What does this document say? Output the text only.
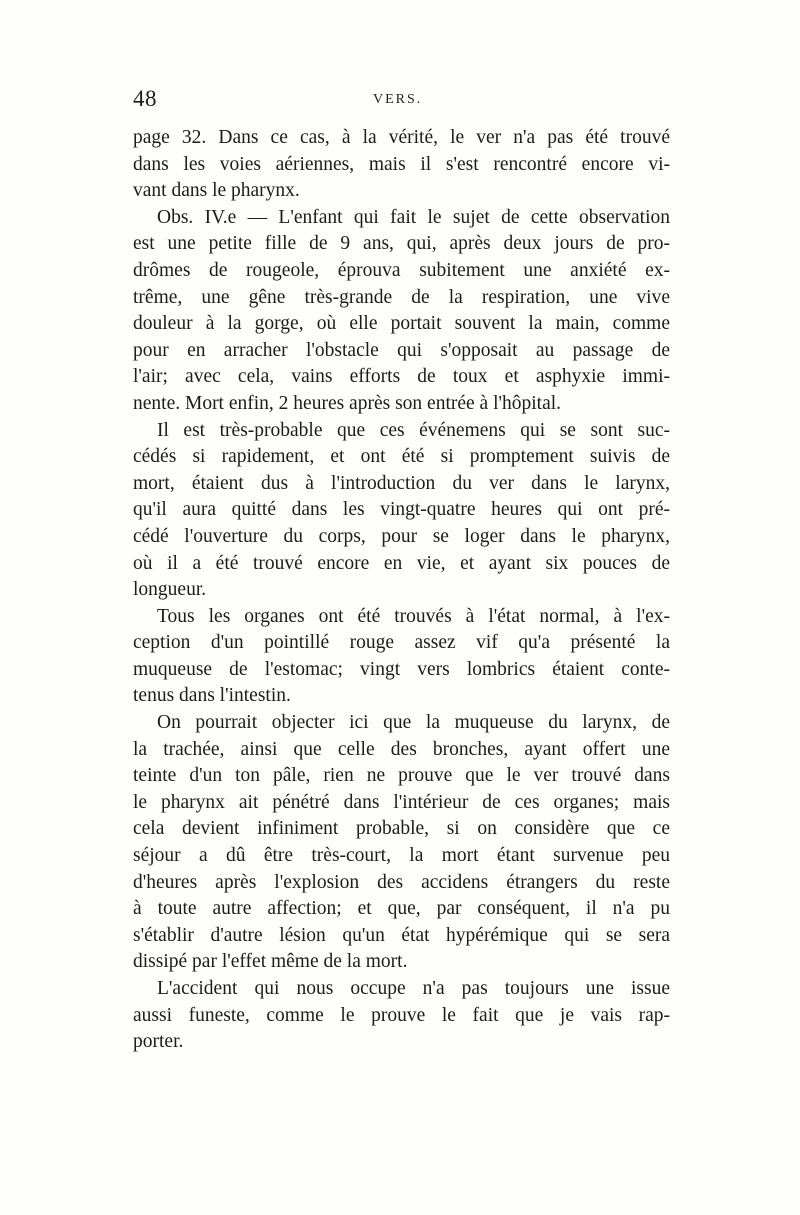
48	VERS.
page 32. Dans ce cas, à la vérité, le ver n'a pas été trouvé
dans les voies aériennes, mais il s'est rencontré encore vi-
vant dans le pharynx.
Obs. IV.e — L'enfant qui fait le sujet de cette observation
est une petite fille de 9 ans, qui, après deux jours de pro-
drômes de rougeole, éprouva subitement une anxiété ex-
trême, une gêne très-grande de la respiration, une vive
douleur à la gorge, où elle portait souvent la main, comme
pour en arracher l'obstacle qui s'opposait au passage de
l'air; avec cela, vains efforts de toux et asphyxie immi-
nente. Mort enfin, 2 heures après son entrée à l'hôpital.
Il est très-probable que ces événemens qui se sont suc-
cédés si rapidement, et ont été si promptement suivis de
mort, étaient dus à l'introduction du ver dans le larynx,
qu'il aura quitté dans les vingt-quatre heures qui ont pré-
cédé l'ouverture du corps, pour se loger dans le pharynx,
où il a été trouvé encore en vie, et ayant six pouces de
longueur.
Tous les organes ont été trouvés à l'état normal, à l'ex-
ception d'un pointillé rouge assez vif qu'a présenté la
muqueuse de l'estomac; vingt vers lombrics étaient conte-
tenus dans l'intestin.
On pourrait objecter ici que la muqueuse du larynx, de
la trachée, ainsi que celle des bronches, ayant offert une
teinte d'un ton pâle, rien ne prouve que le ver trouvé dans
le pharynx ait pénétré dans l'intérieur de ces organes; mais
cela devient infiniment probable, si on considère que ce
séjour a dû être très-court, la mort étant survenue peu
d'heures après l'explosion des accidens étrangers du reste
à toute autre affection; et que, par conséquent, il n'a pu
s'établir d'autre lésion qu'un état hypérémique qui se sera
dissipé par l'effet même de la mort.
L'accident qui nous occupe n'a pas toujours une issue
aussi funeste, comme le prouve le fait que je vais rap-
porter.
